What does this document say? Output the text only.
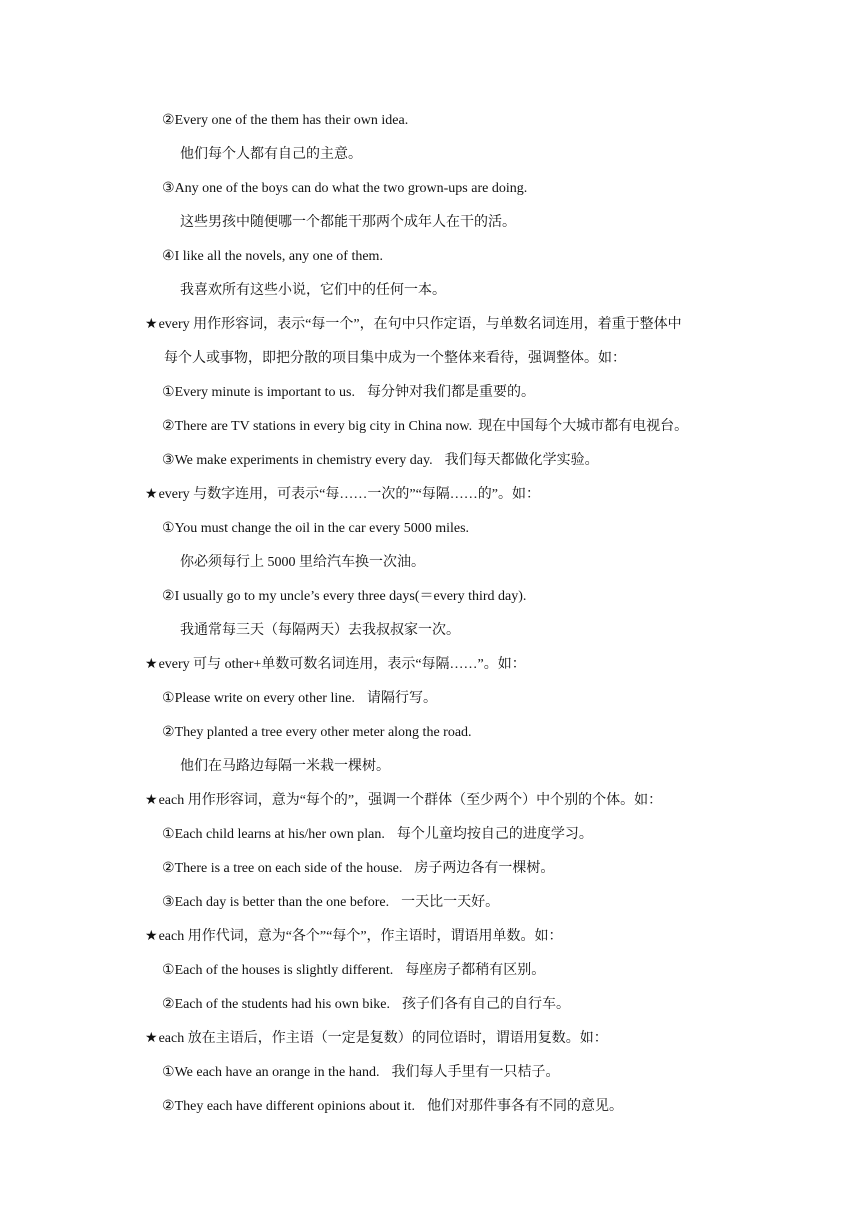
②Every one of the them has their own idea.
他们每个人都有自己的主意。
③Any one of the boys can do what the two grown-ups are doing.
这些男孩中随便哪一个都能干那两个成年人在干的活。
④I like all the novels, any one of them.
我喜欢所有这些小说，它们中的任何一本。
★every 用作形容词，表示“每一个”，在句中只作定语，与单数名词连用，着重于整体中
每个人或事物，即把分散的项目集中成为一个整体来看待，强调整体。如：
①Every minute is important to us. 每分钟对我们都是重要的。
②There are TV stations in every big city in China now. 现在中国每个大城市都有电视台。
③We make experiments in chemistry every day. 我们每天都做化学实验。
★every 与数字连用，可表示“每……一次的”“每隔……的”。如：
①You must change the oil in the car every 5000 miles.
你必须每行上 5000 里给汽车换一次油。
②I usually go to my uncle’s every three days(＝every third day).
我通常每三天（每隔两天）去我叔叔家一次。
★every 可与 other+单数可数名词连用，表示“每隔……”。如：
①Please write on every other line. 请隔行写。
②They planted a tree every other meter along the road.
他们在马路边每隔一米栽一棵树。
★each 用作形容词，意为“每个的”，强调一个群体（至少两个）中个别的个体。如：
①Each child learns at his/her own plan. 每个儿童均按自己的进度学习。
②There is a tree on each side of the house. 房子两边各有一棵树。
③Each day is better than the one before. 一天比一天好。
★each 用作代词，意为“各个”“每个”，作主语时，谓语用单数。如：
①Each of the houses is slightly different. 每座房子都稍有区别。
②Each of the students had his own bike. 孩子们各有自己的自行车。
★each 放在主语后，作主语（一定是复数）的同位语时，谓语用复数。如：
①We each have an orange in the hand. 我们每人手里有一只桔子。
②They each have different opinions about it. 他们对那件事各有不同的意见。
